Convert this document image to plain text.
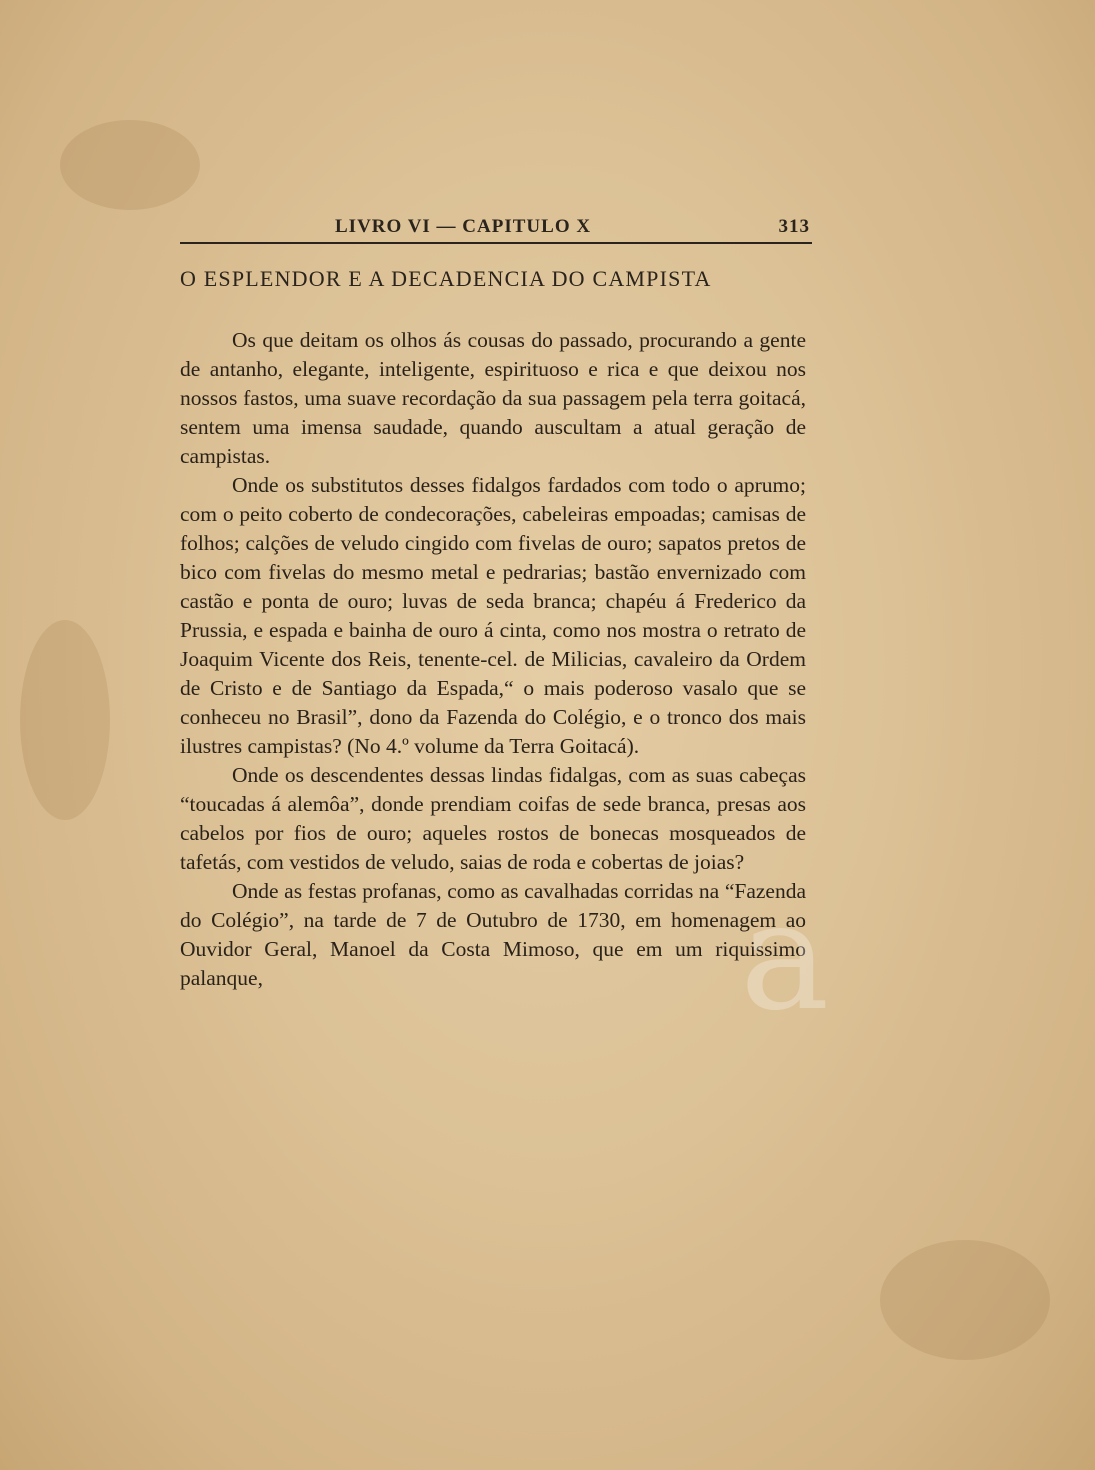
LIVRO VI — CAPITULO X	313
O ESPLENDOR E A DECADENCIA DO CAMPISTA

Os que deitam os olhos ás cousas do passado, procurando a gente de antanho, elegante, inteligente, espirituoso e rica e que deixou nos nossos fastos, uma suave recordação da sua passagem pela terra goitacá, sentem uma imensa saudade, quando auscultam a atual geração de campistas.

Onde os substitutos desses fidalgos fardados com todo o aprumo; com o peito coberto de condecorações, cabeleiras empoadas; camisas de folhos; calções de veludo cingido com fivelas de ouro; sapatos pretos de bico com fivelas do mesmo metal e pedrarias; bastão envernizado com castão e ponta de ouro; luvas de seda branca; chapéu á Frederico da Prussia, e espada e bainha de ouro á cinta, como nos mostra o retrato de Joaquim Vicente dos Reis, tenente-cel. de Milicias, cavaleiro da Ordem de Cristo e de Santiago da Espada,“ o mais poderoso vasalo que se conheceu no Brasil”, dono da Fazenda do Colégio, e o tronco dos mais ilustres campistas? (No 4.º volume da Terra Goitacá).

Onde os descendentes dessas lindas fidalgas, com as suas cabeças “toucadas á alemôa”, donde prendiam coifas de sede branca, presas aos cabelos por fios de ouro; aqueles rostos de bonecas mosqueados de tafetás, com vestidos de veludo, saias de roda e cobertas de joias?

Onde as festas profanas, como as cavalhadas corridas na “Fazenda do Colégio”, na tarde de 7 de Outubro de 1730, em homenagem ao Ouvidor Geral, Manoel da Costa Mimoso, que em um riquissimo palanque,	a
